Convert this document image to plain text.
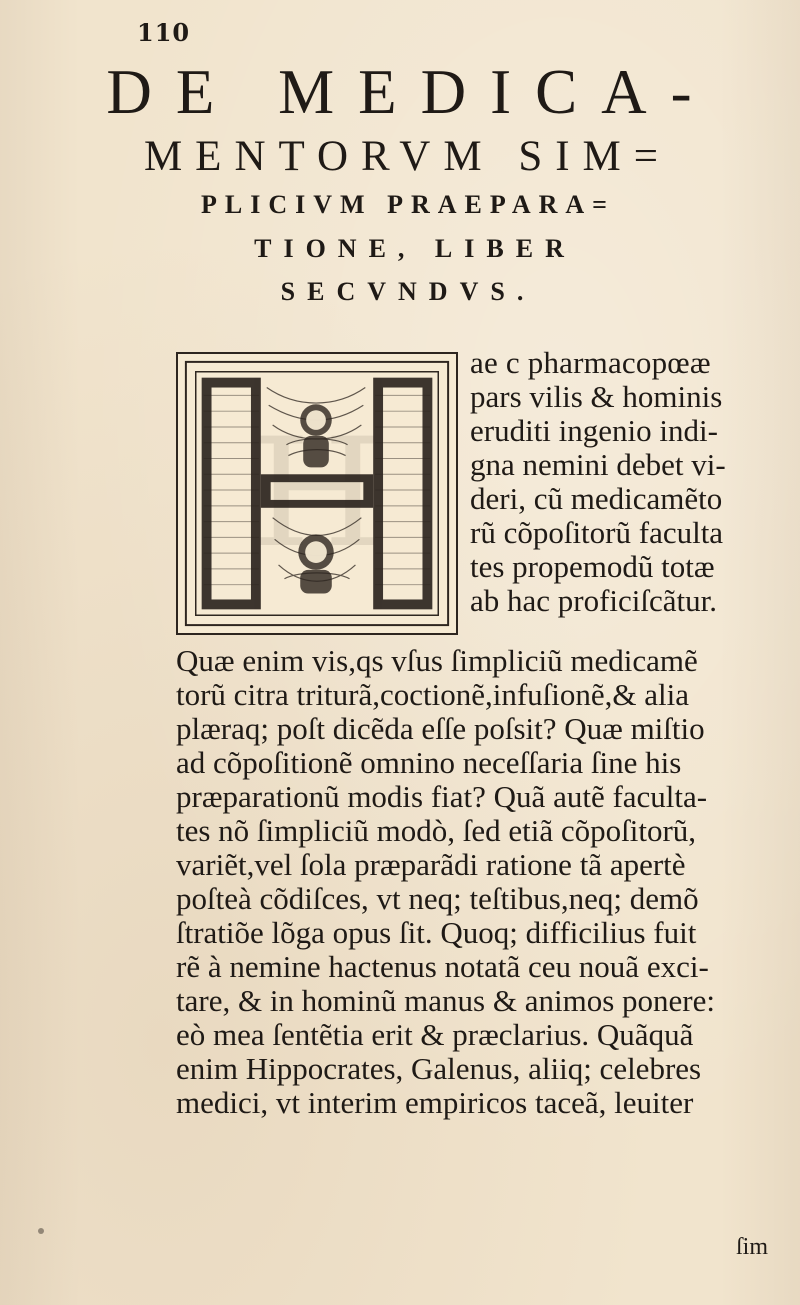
110
DE MEDICA-
MENTORVM SIM=
PLICIVM PRAEPARA=
TIONE, LIBER
SECVNDVS.
ae c pharmacopœæ
pars vilis & hominis
eruditi ingenio indi-
gna nemini debet vi-
deri, cũ medicamẽto
rũ cõpoſitorũ facultа
tes propemodũ totæ
ab hac proficiſcãtur.
Quæ enim vis,qs vſus ſimpliciũ medicamẽ
torũ citra triturã,coctionẽ,infuſionẽ,& alia
plæraq; poſt dicẽda eſſe poſsit? Quæ miſtio
ad cõpoſitionẽ omnino neceſſaria ſine his
præparationũ modis fiat? Quã autẽ faculta-
tes nõ ſimpliciũ modò, ſed etiã cõpoſitorũ,
variẽt,vel ſola præparãdi ratione tã apertè
poſteà cõdiſces, vt neq; teſtibus,neq; demõ
ſtratiõe lõga opus ſit. Quoq; difficilius fuit
rẽ à nemine hactenus notatã ceu nouã exci-
tare, & in hominũ manus & animos ponere:
eò mea ſentẽtia erit & præclarius. Quãquã
enim Hippocrates, Galenus, aliiq; celebres
medici, vt interim empiricos taceã, leuiter
ſim
